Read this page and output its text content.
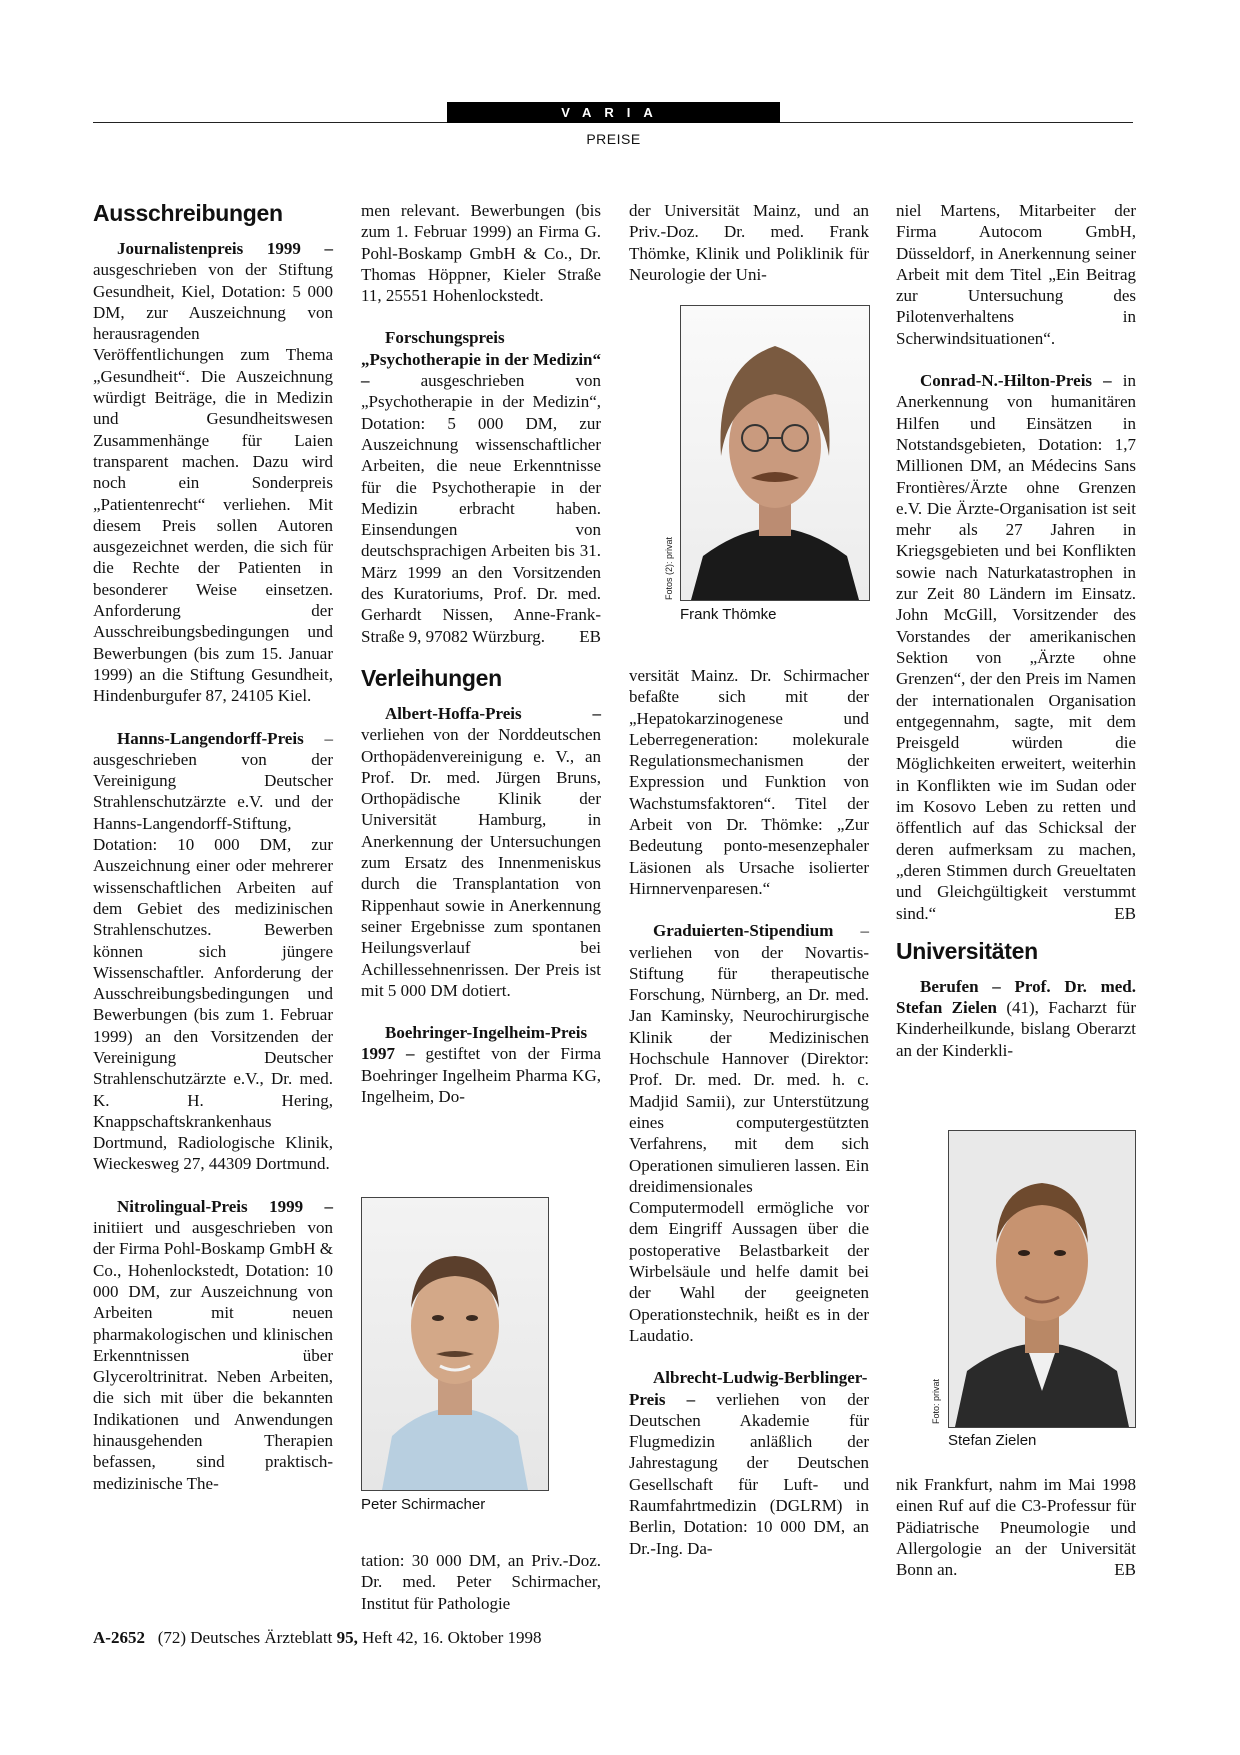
VARIA
PREISE
Ausschreibungen

Journalistenpreis 1999 – ausgeschrieben von der Stiftung Gesundheit, Kiel, Dotation: 5 000 DM, zur Auszeichnung von herausragenden Veröffentlichungen zum Thema „Gesundheit“. Die Auszeichnung würdigt Beiträge, die in Medizin und Gesundheitswesen Zusammenhänge für Laien transparent machen. Dazu wird noch ein Sonderpreis „Patientenrecht“ verliehen. Mit diesem Preis sollen Autoren ausgezeichnet werden, die sich für die Rechte der Patienten in besonderer Weise einsetzen. Anforderung der Ausschreibungsbedingungen und Bewerbungen (bis zum 15. Januar 1999) an die Stiftung Gesundheit, Hindenburgufer 87, 24105 Kiel.

Hanns-Langendorff-Preis – ausgeschrieben von der Vereinigung Deutscher Strahlenschutzärzte e.V. und der Hanns-Langendorff-Stiftung, Dotation: 10 000 DM, zur Auszeichnung einer oder mehrerer wissenschaftlichen Arbeiten auf dem Gebiet des medizinischen Strahlenschutzes. Bewerben können sich jüngere Wissenschaftler. Anforderung der Ausschreibungsbedingungen und Bewerbungen (bis zum 1. Februar 1999) an den Vorsitzenden der Vereinigung Deutscher Strahlenschutzärzte e.V., Dr. med. K. H. Hering, Knappschaftskrankenhaus Dortmund, Radiologische Klinik, Wieckesweg 27, 44309 Dortmund.

Nitrolingual-Preis 1999 – initiiert und ausgeschrieben von der Firma Pohl-Boskamp GmbH & Co., Hohenlockstedt, Dotation: 10 000 DM, zur Auszeichnung von Arbeiten mit neuen pharmakologischen und klinischen Erkenntnissen über Glyceroltrinitrat. Neben Arbeiten, die sich mit über die bekannten Indikationen und Anwendungen hinausgehenden Therapien befassen, sind praktisch-medizinische The-

men relevant. Bewerbungen (bis zum 1. Februar 1999) an Firma G. Pohl-Boskamp GmbH & Co., Dr. Thomas Höppner, Kieler Straße 11, 25551 Hohenlockstedt.

Forschungspreis „Psychotherapie in der Medizin“ –	ausgeschrieben von „Psychotherapie in der Medizin“, Dotation: 5 000 DM, zur Auszeichnung wissenschaftlicher Arbeiten, die neue Erkenntnisse für die Psychotherapie in der Medizin erbracht haben. Einsendungen von deutschsprachigen Arbeiten bis 31. März 1999 an den Vorsitzenden des Kuratoriums, Prof. Dr. med. Gerhardt Nissen, Anne-Frank-Straße 9, 97082 Würzburg.	EB

Verleihungen

Albert-Hoffa-Preis – verliehen von der Norddeutschen Orthopädenvereinigung e. V., an Prof. Dr. med. Jürgen Bruns, Orthopädische Klinik der Universität Hamburg, in Anerkennung der Untersuchungen zum Ersatz des Innenmeniskus durch die Transplantation von Rippenhaut sowie in Anerkennung seiner Ergebnisse zum spontanen Heilungsverlauf bei Achillessehnenrissen. Der Preis ist mit 5 000 DM dotiert.

Boehringer-Ingelheim-Preis 1997 – gestiftet von der Firma Boehringer Ingelheim Pharma KG, Ingelheim, Do-

Peter Schirmacher

tation: 30 000 DM, an Priv.-Doz. Dr. med. Peter Schirmacher, Institut für Pathologie

der Universität Mainz, und an Priv.-Doz. Dr. med. Frank Thömke, Klinik und Poliklinik für Neurologie der Uni-

Fotos (2): privat
Frank Thömke

versität Mainz. Dr. Schirmacher befaßte sich mit der „Hepatokarzinogenese und Leberregeneration: molekurale Regulationsmechanismen der Expression und Funktion von Wachstumsfaktoren“. Titel der Arbeit von Dr. Thömke: „Zur Bedeutung ponto-mesenzephaler Läsionen als Ursache isolierter Hirnnervenparesen.“

Graduierten-Stipendium – verliehen von der Novartis-Stiftung für therapeutische Forschung, Nürnberg, an Dr. med. Jan Kaminsky, Neurochirurgische Klinik der Medizinischen Hochschule Hannover (Direktor: Prof. Dr. med. Dr. med. h. c. Madjid Samii), zur Unterstützung eines computergestützten Verfahrens, mit dem sich Operationen simulieren lassen. Ein dreidimensionales Computermodell ermögliche vor dem Eingriff Aussagen über die postoperative Belastbarkeit der Wirbelsäule und helfe damit bei der Wahl der geeigneten Operationstechnik, heißt es in der Laudatio.

Albrecht-Ludwig-Berblinger-Preis – verliehen von der Deutschen Akademie für Flugmedizin anläßlich der Jahrestagung der Deutschen Gesellschaft für Luft- und Raumfahrtmedizin (DGLRM) in Berlin, Dotation: 10 000 DM, an Dr.-Ing. Da-

niel Martens, Mitarbeiter der Firma Autocom GmbH, Düsseldorf, in Anerkennung seiner Arbeit mit dem Titel „Ein Beitrag zur Untersuchung des Pilotenverhaltens in Scherwindsituationen“.

Conrad-N.-Hilton-Preis – in Anerkennung von humanitären Hilfen und Einsätzen in Notstandsgebieten, Dotation: 1,7 Millionen DM, an Médecins Sans Frontières/Ärzte ohne Grenzen e.V. Die Ärzte-Organisation ist seit mehr als 27 Jahren in Kriegsgebieten und bei Konflikten sowie nach Naturkatastrophen in zur Zeit 80 Ländern im Einsatz. John McGill, Vorsitzender des Vorstandes der amerikanischen Sektion von „Ärzte ohne Grenzen“, der den Preis im Namen der internationalen Organisation entgegennahm, sagte, mit dem Preisgeld würden die Möglichkeiten erweitert, weiterhin in Konflikten wie im Sudan oder im Kosovo Leben zu retten und öffentlich auf das Schicksal der deren aufmerksam zu machen, „deren Stimmen durch Greueltaten und Gleichgültigkeit verstummt sind.“	EB

Universitäten

Berufen – Prof. Dr. med. Stefan Zielen (41), Facharzt für Kinderheilkunde, bislang Oberarzt an der Kinderkli-

Foto: privat
Stefan Zielen

nik Frankfurt, nahm im Mai 1998 einen Ruf auf die C3-Professur für Pädiatrische Pneumologie und Allergologie an der Universität Bonn an.	EB

A-2652 (72) Deutsches Ärzteblatt 95, Heft 42, 16. Oktober 1998
